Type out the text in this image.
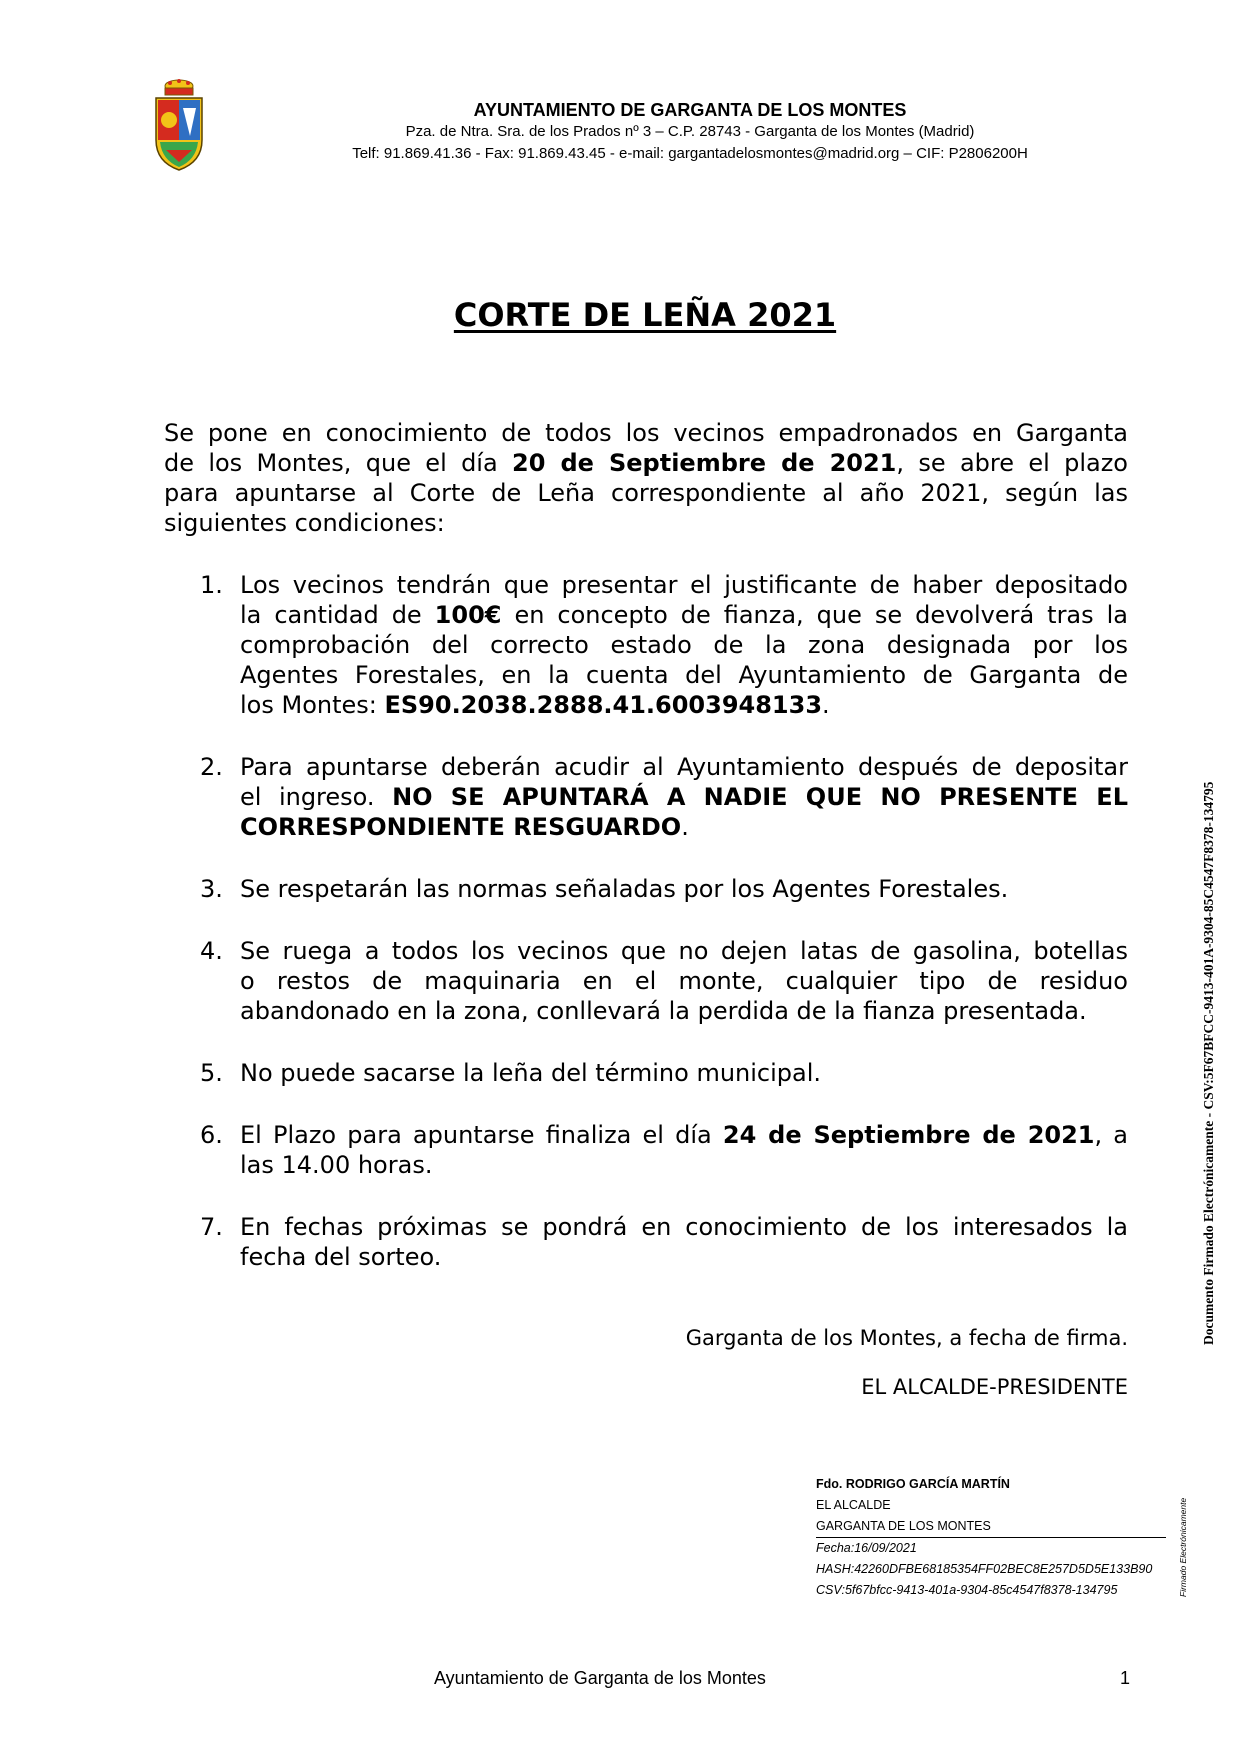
AYUNTAMIENTO DE GARGANTA DE LOS MONTES
Pza. de Ntra. Sra. de los Prados nº 3 – C.P. 28743 - Garganta de los Montes (Madrid)
Telf: 91.869.41.36 - Fax: 91.869.43.45 - e-mail: gargantadelosmontes@madrid.org – CIF: P2806200H
CORTE DE LEÑA 2021
Se pone en conocimiento de todos los vecinos empadronados en Garganta
de los Montes, que el día 20 de Septiembre de 2021, se abre el plazo
para apuntarse al Corte de Leña correspondiente al año 2021, según las
siguientes condiciones:
1. Los vecinos tendrán que presentar el justificante de haber depositado
la cantidad de 100€ en concepto de fianza, que se devolverá tras la
comprobación del correcto estado de la zona designada por los
Agentes Forestales, en la cuenta del Ayuntamiento de Garganta de
los Montes: ES90.2038.2888.41.6003948133.
2. Para apuntarse deberán acudir al Ayuntamiento después de depositar
el ingreso. NO SE APUNTARÁ A NADIE QUE NO PRESENTE EL
CORRESPONDIENTE RESGUARDO.
3. Se respetarán las normas señaladas por los Agentes Forestales.
4. Se ruega a todos los vecinos que no dejen latas de gasolina, botellas
o restos de maquinaria en el monte, cualquier tipo de residuo
abandonado en la zona, conllevará la perdida de la fianza presentada.
5. No puede sacarse la leña del término municipal.
6. El Plazo para apuntarse finaliza el día 24 de Septiembre de 2021, a
las 14.00 horas.
7. En fechas próximas se pondrá en conocimiento de los interesados la
fecha del sorteo.
Garganta de los Montes, a fecha de firma.
EL ALCALDE-PRESIDENTE
Fdo. RODRIGO GARCÍA MARTÍN
EL ALCALDE
GARGANTA DE LOS MONTES
Fecha:16/09/2021
HASH:42260DFBE68185354FF02BEC8E257D5D5E133B90
CSV:5f67bfcc-9413-401a-9304-85c4547f8378-134795
Documento Firmado Electrónicamente - CSV:5F67BFCC-9413-401A-9304-85C4547F8378-134795
Firmado Electrónicamente
Ayuntamiento de Garganta de los Montes	1
